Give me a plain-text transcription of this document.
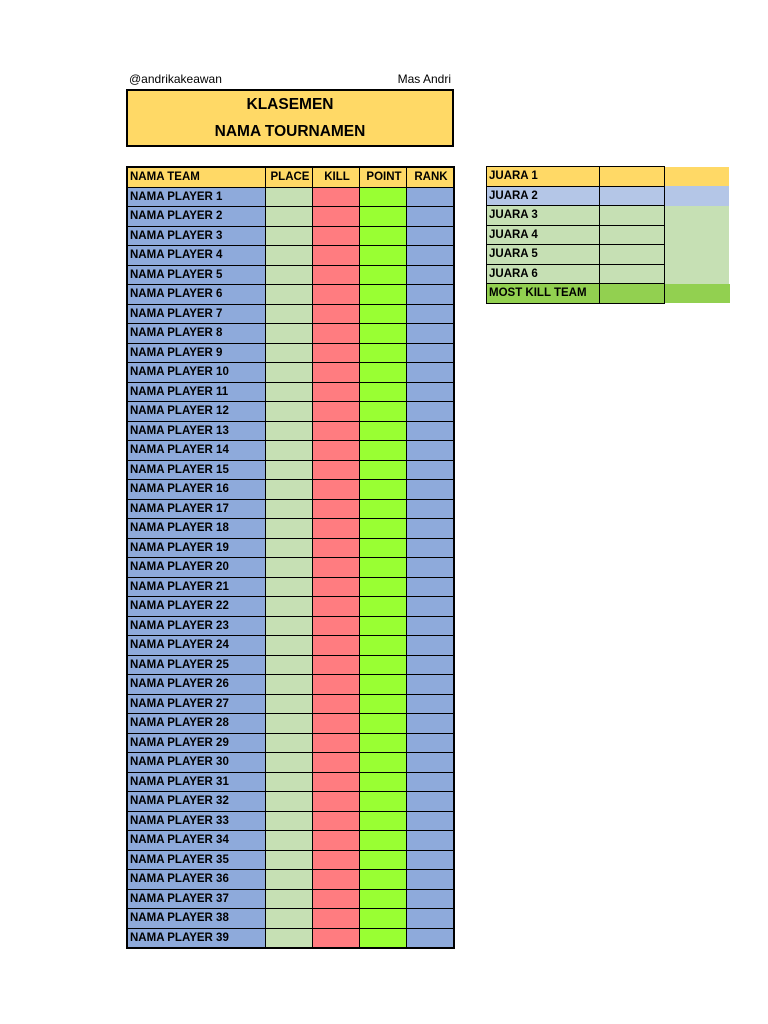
@andrikakeawan	Mas Andri
KLASEMEN
NAMA TOURNAMEN
NAMA TEAM	PLACE	KILL	POINT	RANK
NAMA PLAYER 1				
NAMA PLAYER 2				
NAMA PLAYER 3				
NAMA PLAYER 4				
NAMA PLAYER 5				
NAMA PLAYER 6				
NAMA PLAYER 7				
NAMA PLAYER 8				
NAMA PLAYER 9				
NAMA PLAYER 10				
NAMA PLAYER 11				
NAMA PLAYER 12				
NAMA PLAYER 13				
NAMA PLAYER 14				
NAMA PLAYER 15				
NAMA PLAYER 16				
NAMA PLAYER 17				
NAMA PLAYER 18				
NAMA PLAYER 19				
NAMA PLAYER 20				
NAMA PLAYER 21				
NAMA PLAYER 22				
NAMA PLAYER 23				
NAMA PLAYER 24				
NAMA PLAYER 25				
NAMA PLAYER 26				
NAMA PLAYER 27				
NAMA PLAYER 28				
NAMA PLAYER 29				
NAMA PLAYER 30				
NAMA PLAYER 31				
NAMA PLAYER 32				
NAMA PLAYER 33				
NAMA PLAYER 34				
NAMA PLAYER 35				
NAMA PLAYER 36				
NAMA PLAYER 37				
NAMA PLAYER 38				
NAMA PLAYER 39				
JUARA 1		
JUARA 2		
JUARA 3		
JUARA 4		
JUARA 5		
JUARA 6		
MOST KILL TEAM		
